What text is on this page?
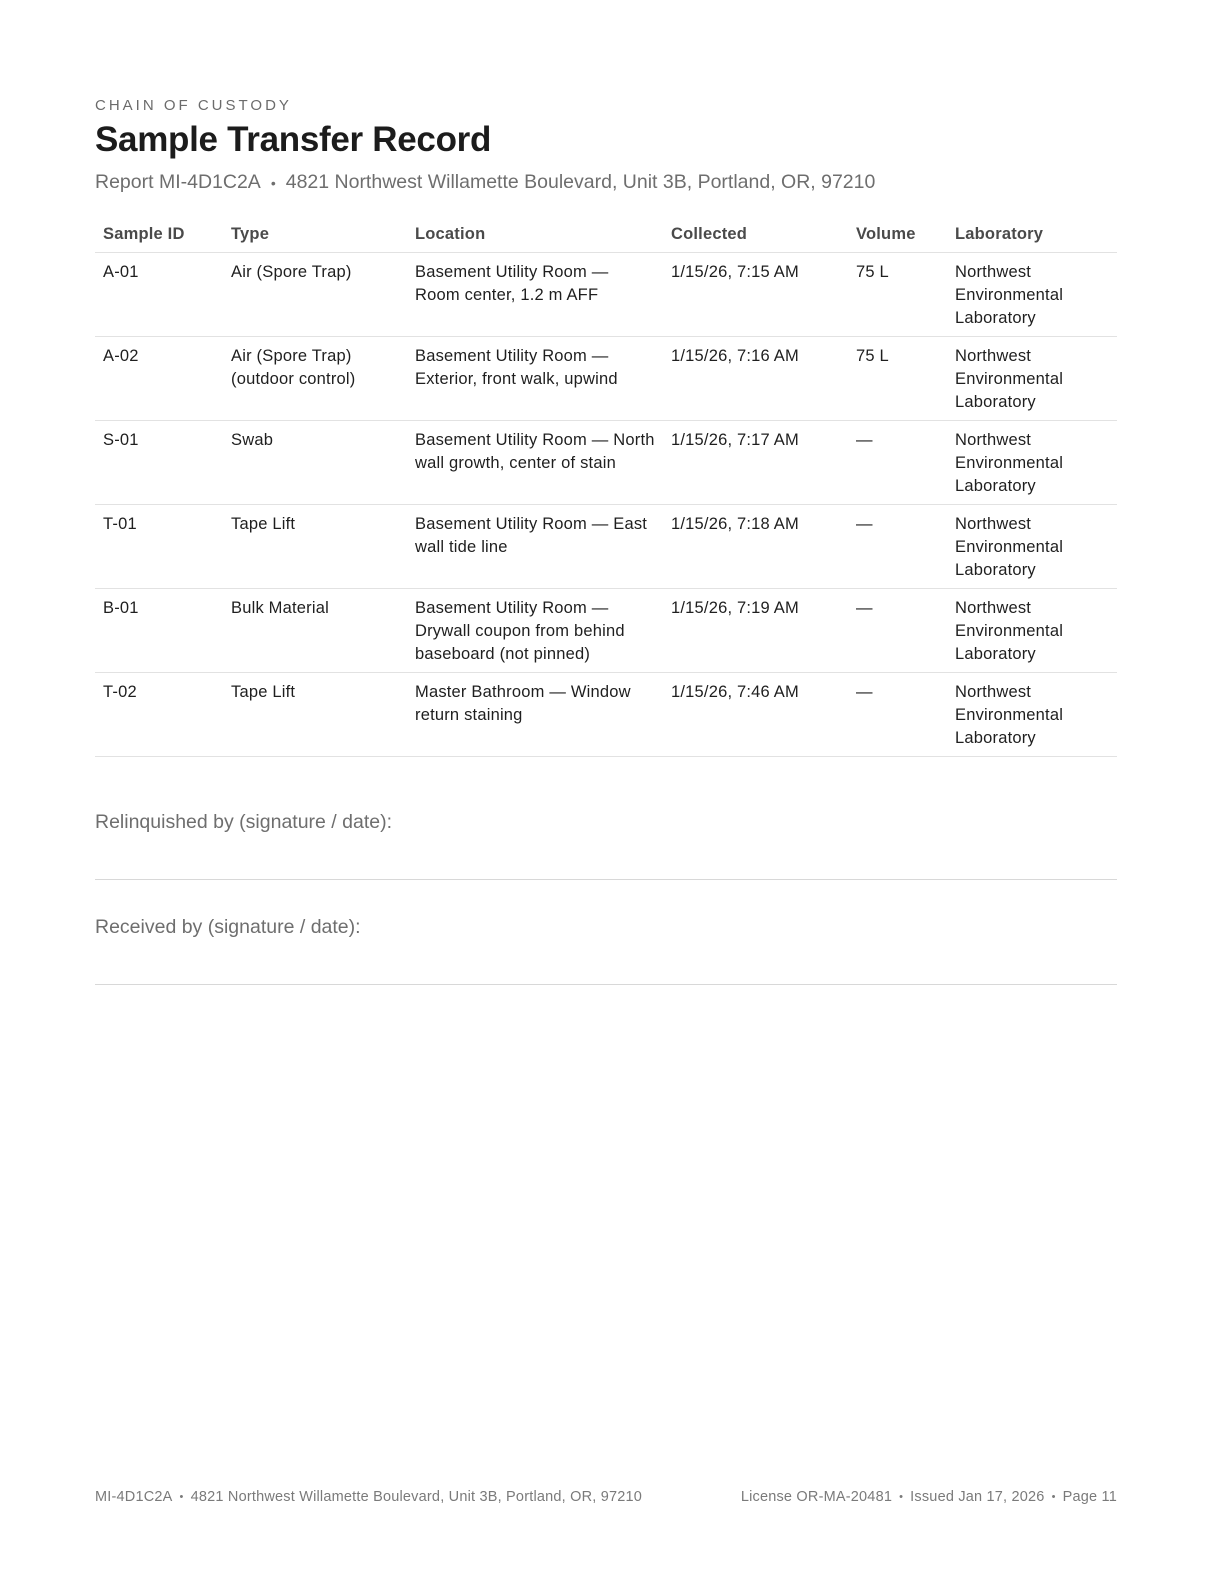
CHAIN OF CUSTODY
Sample Transfer Record
Report MI-4D1C2A • 4821 Northwest Willamette Boulevard, Unit 3B, Portland, OR, 97210
Sample ID	Type	Location	Collected	Volume	Laboratory
A-01	Air (Spore Trap)	Basement Utility Room — Room center, 1.2 m AFF	1/15/26, 7:15 AM	75 L	Northwest Environmental Laboratory
A-02	Air (Spore Trap) (outdoor control)	Basement Utility Room — Exterior, front walk, upwind	1/15/26, 7:16 AM	75 L	Northwest Environmental Laboratory
S-01	Swab	Basement Utility Room — North wall growth, center of stain	1/15/26, 7:17 AM	—	Northwest Environmental Laboratory
T-01	Tape Lift	Basement Utility Room — East wall tide line	1/15/26, 7:18 AM	—	Northwest Environmental Laboratory
B-01	Bulk Material	Basement Utility Room — Drywall coupon from behind baseboard (not pinned)	1/15/26, 7:19 AM	—	Northwest Environmental Laboratory
T-02	Tape Lift	Master Bathroom — Window return staining	1/15/26, 7:46 AM	—	Northwest Environmental Laboratory
Relinquished by (signature / date):
Received by (signature / date):
MI-4D1C2A • 4821 Northwest Willamette Boulevard, Unit 3B, Portland, OR, 97210	License OR-MA-20481 • Issued Jan 17, 2026 • Page 11
